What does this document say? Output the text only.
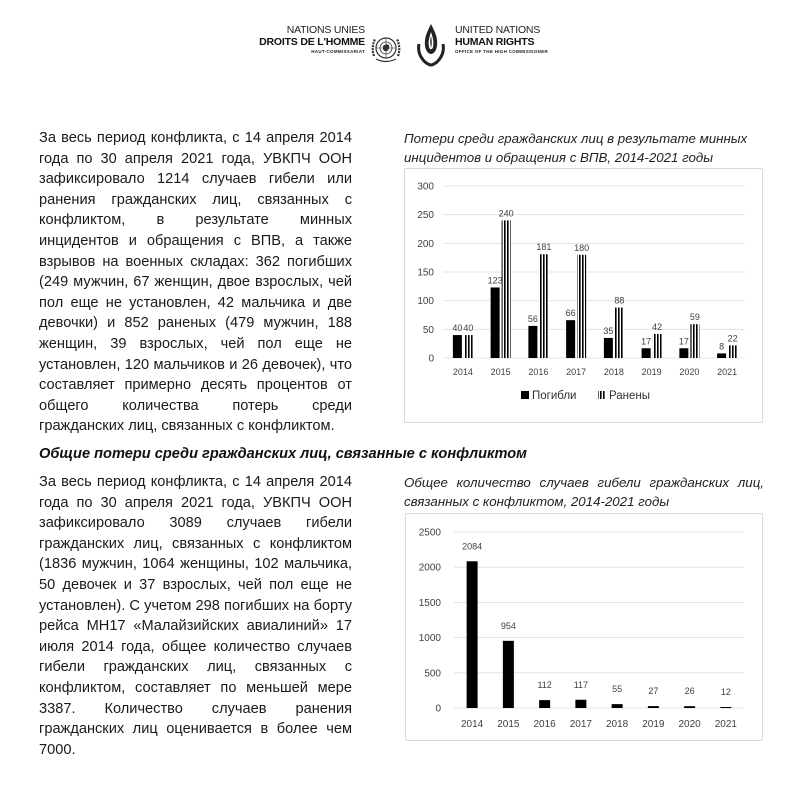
NATIONS UNIES
DROITS DE L'HOMME
HAUT-COMMISSARIAT
UNITED NATIONS
HUMAN RIGHTS
OFFICE OF THE HIGH COMMISSIONER
За весь период конфликта, с 14 апреля 2014 года по 30 апреля 2021 года, УВКПЧ ООН зафиксировало 1214 случаев гибели или ранения гражданских лиц, связанных с конфликтом, в результате минных инцидентов и обращения с ВПВ, а также взрывов на военных складах: 362 погибших (249 мужчин, 67 женщин, двое взрослых, чей пол еще не установлен, 42 мальчика и две девочки) и 852 раненых (479 мужчин, 188 женщин, 39 взрослых, чей пол еще не установлен, 120 мальчиков и 26 девочек), что составляет примерно десять процентов от общего количества потерь среди гражданских лиц, связанных с конфликтом.
Потери среди гражданских лиц в результате минных инцидентов и обращения с ВПВ, 2014-2021 годы
0
50
100
150
200
250
300
40 40
2014
123
240
2015
56
181
2016
66
180
2017
35
88
2018
17
42
2019
17
59
2020
8
22
2021
Погибли	Ранены
Общие потери среди гражданских лиц, связанные с конфликтом
За весь период конфликта, с 14 апреля 2014 года по 30 апреля 2021 года, УВКПЧ ООН зафиксировало 3089 случаев гибели гражданских лиц, связанных с конфликтом (1836 мужчин, 1064 женщины, 102 мальчика, 50 девочек и 37 взрослых, чей пол еще не установлен). С учетом 298 погибших на борту рейса МН17 «Малайзийских авиалиний» 17 июля 2014 года, общее количество случаев гибели гражданских лиц, связанных с конфликтом, составляет по меньшей мере 3387. Количество случаев ранения гражданских лиц оценивается в более чем 7000.
Общее количество случаев гибели гражданских лиц, связанных с конфликтом, 2014-2021 годы
0
500
1000
1500
2000
2500
2084
2014
954
2015
112
2016
117
2017
55
2018
27
2019
26
2020
12
2021
